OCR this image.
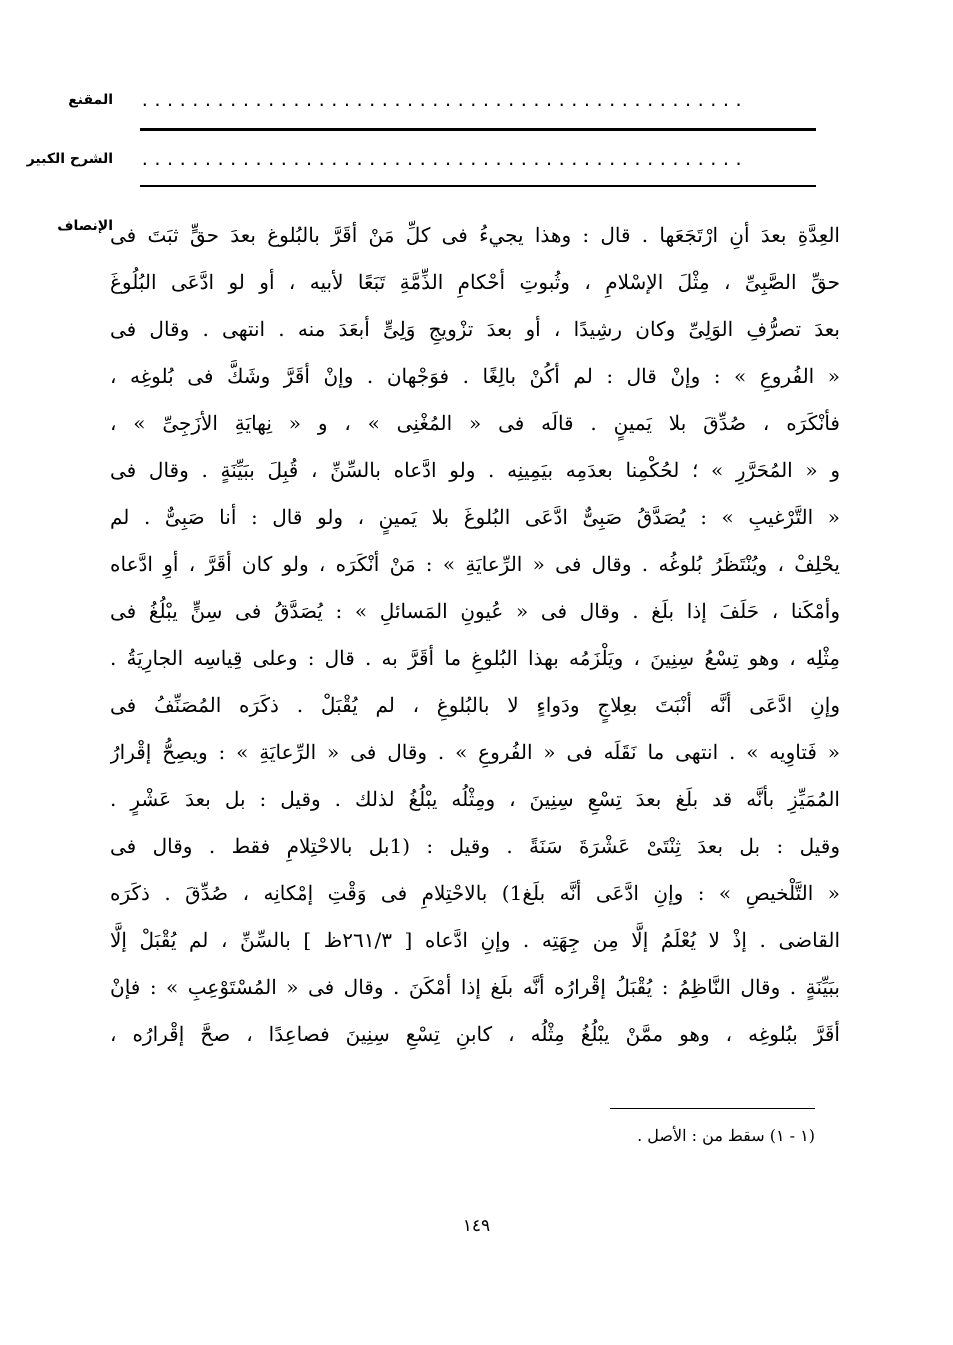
المقنع ................................................
الشرح الكبير ................................................
الإنصاف
العِدَّةِ بعدَ أنِ ارْتَجَعَها . قال : وهذا يجيءُ فى كلِّ مَنْ أقَرَّ بالبُلوغ بعدَ حقٍّ ثبَتَ فى
حقِّ الصَّبِىِّ ، مِثْلَ الإسْلامِ ، وثُبوتِ أحْكامِ الذِّمَّةِ تَبَعًا لأبيه ، أو لو ادَّعَى البُلُوغَ
بعدَ تصرُّفِ الوَلِىِّ وكان رشِيدًا ، أو بعدَ تزْويجِ وَلِىٍّ أبعَدَ منه . انتهى . وقال فى
« الفُروعِ » : وإنْ قال : لم أكُنْ بالِغًا . فوَجْهان . وإنْ أقَرَّ وشَكَّ فى بُلوغِه ،
فأنْكَرَه ، صُدِّقَ بلا يَمينٍ . قالَه فى « المُغْنِى » ، و « نِهايَةِ الأزَجِىِّ » ،
و « المُحَرَّرِ » ؛ لحُكْمِنا بعدَمِه بيَمِينِه . ولو ادَّعاه بالسِّنِّ ، قُبِلَ ببَيِّنَةٍ . وقال فى
« التَّرْغيبِ » : يُصَدَّقُ صَبِىٌّ ادَّعَى البُلوغَ بلا يَمينٍ ، ولو قال : أنا صَبِىٌّ . لم
يحْلِفْ ، ويُنْتَظَرُ بُلوغُه . وقال فى « الرِّعايَةِ » : مَنْ أنْكَرَه ، ولو كان أقَرَّ ، أوِ ادَّعاه
وأمْكَنا ، حَلَفَ إذا بلَغ . وقال فى « عُيونِ المَسائلِ » : يُصَدَّقُ فى سِنٍّ يبْلُغُ فى
مِثْلِه ، وهو تِسْعُ سِنِينَ ، ويَلْزَمُه بهذا البُلوغِ ما أقَرَّ به . قال : وعلى قِياسِه الجارِيَةُ .
وإنِ ادَّعَى أنَّه أنْبَتَ بعِلاجٍ ودَواءٍ لا بالبُلوغِ ، لم يُقْبَلْ . ذكَرَه المُصَنِّفُ فى
« فَتاوِيه » . انتهى ما نَقَلَه فى « الفُروعِ » . وقال فى « الرِّعايَةِ » : ويصِحُّ إقْرارُ
المُمَيِّزِ بأنَّه قد بلَغ بعدَ تِسْعِ سِنِينَ ، ومِثْلُه يبْلُغُ لذلك . وقيل : بل بعدَ عَشْرٍ .
وقيل : بل بعدَ ثِنْتَىْ عَشْرَةَ سَنَةً . وقيل : (1بل بالاحْتِلامِ فقط . وقال فى
« التَّلْخيصِ » : وإنِ ادَّعَى أنَّه بلَغ1) بالاحْتِلامِ فى وَقْتِ إمْكانِه ، صُدِّقَ . ذكَرَه
القاضى . إذْ لا يُعْلَمُ إلَّا مِن جِهَتِه . وإنِ ادَّعاه [ ٢٦١/٣ظ ] بالسِّنِّ ، لم يُقْبَلْ إلَّا
ببَيِّنَةٍ . وقال النَّاظِمُ : يُقْبَلُ إقْرارُه أنَّه بلَغ إذا أمْكَنَ . وقال فى « المُسْتَوْعِبِ » : فإنْ
أقَرَّ ببُلوغِه ، وهو ممَّنْ يبْلُغُ مِثْلُه ، كابنِ تِسْعِ سِنِينَ فصاعِدًا ، صحَّ إقْرارُه ،
(١ - ١) سقط من : الأصل .
١٤٩
